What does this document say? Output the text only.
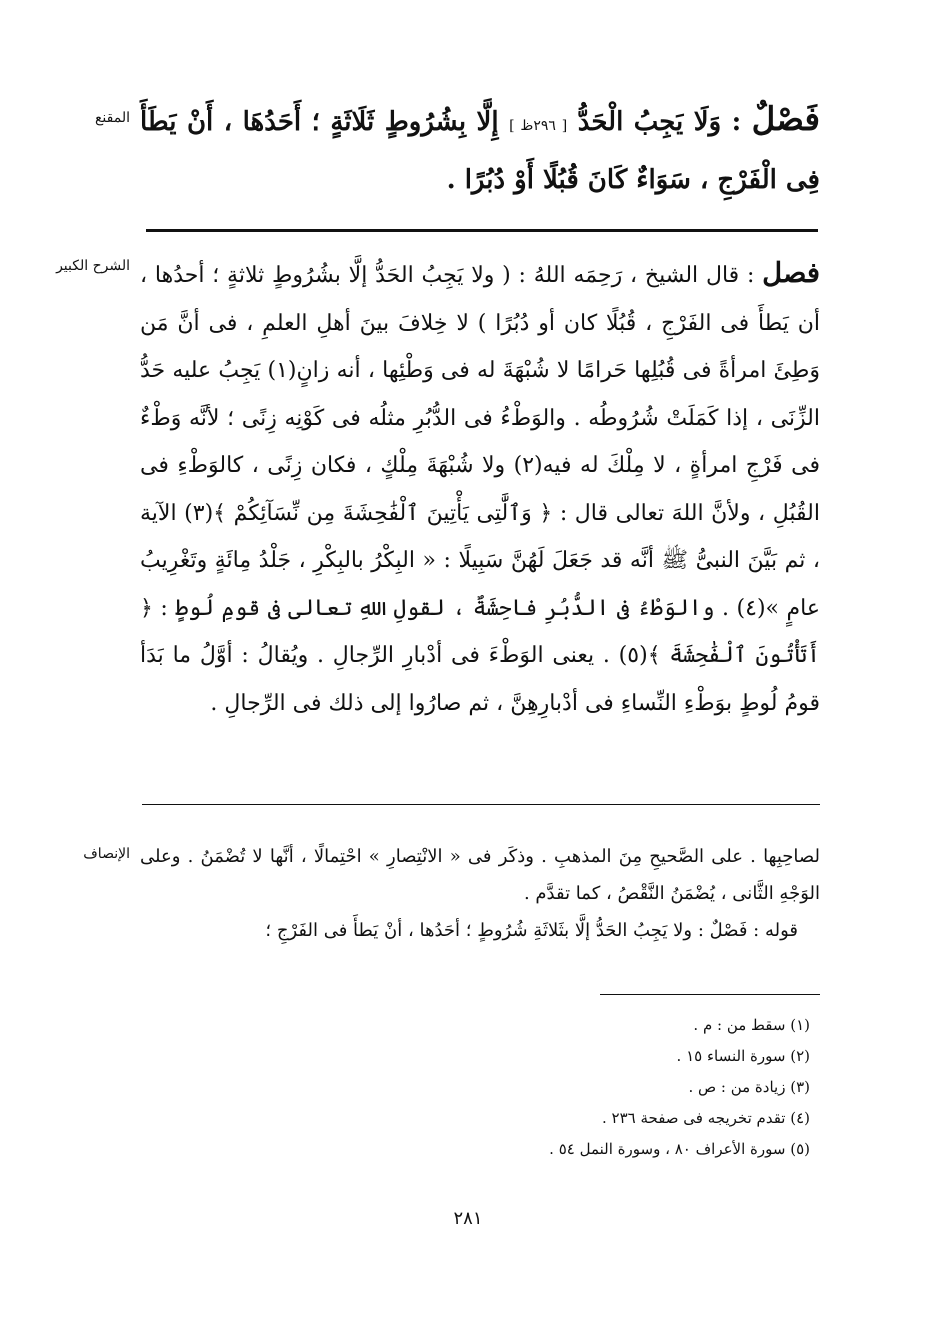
المقنع	فَصْلٌ : وَلَا يَجِبُ الْحَدُّ [ ٢٩٦ظ ] إِلَّا بِشُرُوطٍ ثَلَاثَةٍ ؛ أَحَدُهَا ، أَنْ يَطَأَ فِى الْفَرْجِ ، سَوَاءٌ كَانَ قُبُلًا أَوْ دُبُرًا .

الشرح الكبير	فصل : قال الشيخ ، رَحِمَه اللهُ : ( ولا يَجِبُ الحَدُّ إلَّا بشُرُوطٍ ثلاثةٍ ؛ أحدُها ، أن يَطأَ فى الفَرْجِ ، قُبُلًا كان أو دُبُرًا ) لا خِلافَ بينَ أهلِ العلمِ ، فى أنَّ مَن وَطِئَ امرأةً فى قُبُلِها حَرامًا لا شُبْهَةَ له فى وَطْئِها ، أنه زانٍ(١) يَجِبُ عليه حَدُّ الزِّنَى ، إذا كَمَلَتْ شُرُوطُه . والوَطْءُ فى الدُّبُرِ مثلُه فى كَوْنِه زِنًى ؛ لأنَّه وَطْءٌ فى فَرْجِ امرأةٍ ، لا مِلْكَ له فيه(٢) ولا شُبْهَةَ مِلْكٍ ، فكان زِنًى ، كالوَطْءِ فى القُبُلِ ، ولأنَّ اللهَ تعالى قال : ﴿ وَٱلَّٰتِى يَأْتِينَ ٱلْفَٰحِشَةَ مِن نِّسَآئِكُمْ ﴾(٣) الآية ، ثم بَيَّنَ النبىُّ ﷺ أنَّه قد جَعَلَ لَهُنَّ سَبِيلًا : « البِكْرُ بالبِكْرِ ، جَلْدُ مِائَةٍ وتَغْرِيبُ عامٍ »(٤) . والوَطْءُ فى الدُّبُرِ فاحِشَةٌ ، لقولِ اللهِ تعالى فى قومِ لُوطٍ : ﴿ أَتَأْتُونَ ٱلْفَٰحِشَةَ ﴾(٥) . يعنى الوَطْءَ فى أدْبارِ الرِّجالِ . ويُقالُ : أوَّلُ ما بَدَأ قومُ لُوطٍ بوَطْءِ النِّساءِ فى أدْبارِهِنَّ ، ثم صارُوا إلى ذلك فى الرِّجالِ .

الإنصاف لصاحِبِها . على الصَّحيحِ مِنَ المذهبِ . وذكَر فى « الانْتِصارِ » احْتِمالًا ، أنَّها لا تُضْمَنُ . وعلى الوَجْهِ الثَّانى ، يُضْمَنُ النَّقْصُ ، كما تقدَّم .

قوله : فَصْلٌ : ولا يَجِبُ الحَدُّ إلَّا بثَلاثَةِ شُرُوطٍ ؛ أحَدُها ، أنْ يَطأَ فى الفَرْجِ ؛

(١) سقط من : م .
(٢) سورة النساء ١٥ .
(٣) زيادة من : ص .
(٤) تقدم تخريجه فى صفحة ٢٣٦ .
(٥) سورة الأعراف ٨٠ ، وسورة النمل ٥٤ .
٢٨١
